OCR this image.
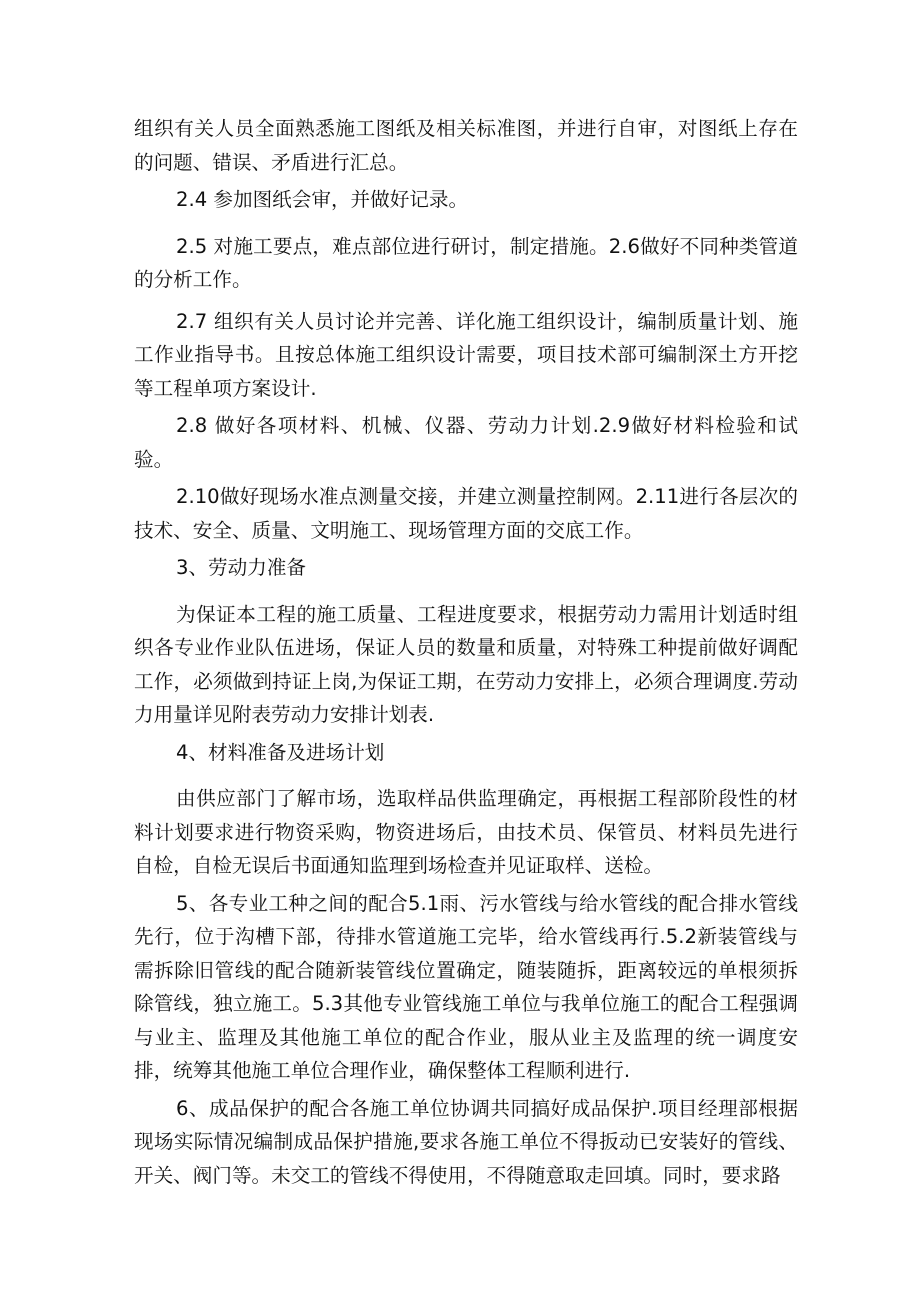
组织有关人员全面熟悉施工图纸及相关标准图，并进行自审，对图纸上存在的问题、错误、矛盾进行汇总。

2.4 参加图纸会审，并做好记录。

2.5 对施工要点，难点部位进行研讨，制定措施。2.6做好不同种类管道的分析工作。

2.7 组织有关人员讨论并完善、详化施工组织设计，编制质量计划、施工作业指导书。且按总体施工组织设计需要，项目技术部可编制深土方开挖等工程单项方案设计.

2.8 做好各项材料、机械、仪器、劳动力计划.2.9做好材料检验和试验。

2.10做好现场水准点测量交接，并建立测量控制网。2.11进行各层次的技术、安全、质量、文明施工、现场管理方面的交底工作。

3、劳动力准备

为保证本工程的施工质量、工程进度要求，根据劳动力需用计划适时组织各专业作业队伍进场，保证人员的数量和质量，对特殊工种提前做好调配工作，必须做到持证上岗,为保证工期，在劳动力安排上，必须合理调度.劳动力用量详见附表劳动力安排计划表.

4、材料准备及进场计划

由供应部门了解市场，选取样品供监理确定，再根据工程部阶段性的材料计划要求进行物资采购，物资进场后，由技术员、保管员、材料员先进行自检，自检无误后书面通知监理到场检查并见证取样、送检。

5、各专业工种之间的配合5.1雨、污水管线与给水管线的配合排水管线先行，位于沟槽下部，待排水管道施工完毕，给水管线再行.5.2新装管线与需拆除旧管线的配合随新装管线位置确定，随装随拆，距离较远的单根须拆除管线，独立施工。5.3其他专业管线施工单位与我单位施工的配合工程强调与业主、监理及其他施工单位的配合作业，服从业主及监理的统一调度安排，统筹其他施工单位合理作业，确保整体工程顺利进行.

6、成品保护的配合各施工单位协调共同搞好成品保护.项目经理部根据现场实际情况编制成品保护措施,要求各施工单位不得扳动已安装好的管线、开关、阀门等。未交工的管线不得使用，不得随意取走回填。同时，要求路
